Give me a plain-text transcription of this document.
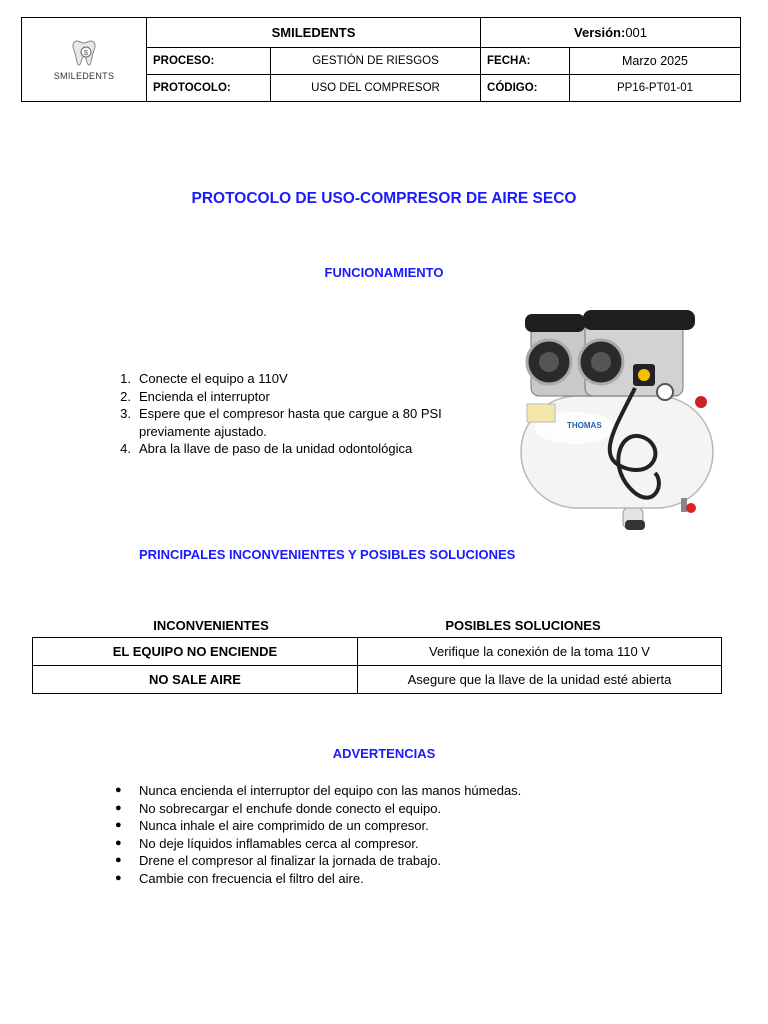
$
SMILEDENTS	SMILEDENTS		Versión:001	
	PROCESO:	GESTIÓN DE RIESGOS	FECHA:	Marzo 2025
	PROTOCOLO:	USO DEL COMPRESOR	CÓDIGO:	PP16-PT01-01
PROTOCOLO DE USO-COMPRESOR DE AIRE SECO
FUNCIONAMIENTO
1. Conecte el equipo a 110V
2. Encienda el interruptor
3. Espere que el compresor hasta que cargue a 80 PSI previamente ajustado.
4. Abra la llave de paso de la unidad odontológica
THOMAS
PRINCIPALES INCONVENIENTES Y POSIBLES SOLUCIONES
INCONVENIENTES	POSIBLES SOLUCIONES
EL EQUIPO NO ENCIENDE	Verifique la conexión de la toma 110 V
NO SALE AIRE	Asegure que la llave de la unidad esté abierta
ADVERTENCIAS
● Nunca encienda el interruptor del equipo con las manos húmedas.
● No sobrecargar el enchufe donde conecto el equipo.
● Nunca inhale el aire comprimido de un compresor.
● No deje líquidos inflamables cerca al compresor.
● Drene el compresor al finalizar la jornada de trabajo.
● Cambie con frecuencia el filtro del aire.
